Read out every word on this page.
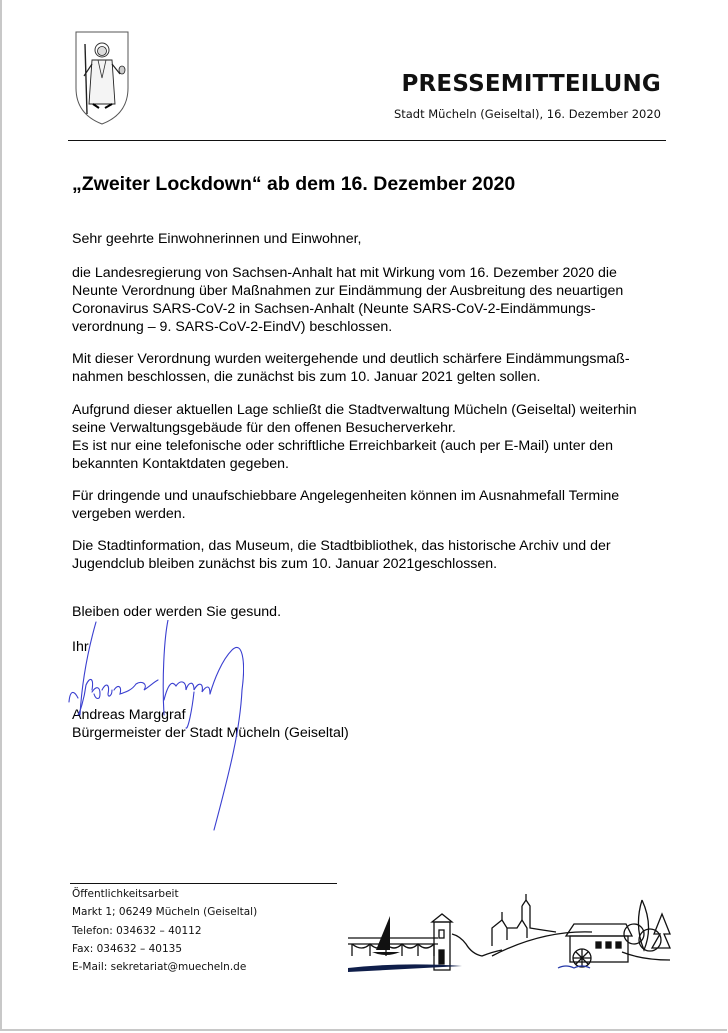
PRESSEMITTEILUNG
Stadt Mücheln (Geiseltal), 16. Dezember 2020
„Zweiter Lockdown“ ab dem 16. Dezember 2020

Sehr geehrte Einwohnerinnen und Einwohner,

die Landesregierung von Sachsen-Anhalt hat mit Wirkung vom 16. Dezember 2020 die

Neunte Verordnung über Maßnahmen zur Eindämmung der Ausbreitung des neuartigen

Coronavirus SARS-CoV-2 in Sachsen-Anhalt (Neunte SARS-CoV-2-Eindämmungs-

verordnung – 9. SARS-CoV-2-EindV) beschlossen.

Mit dieser Verordnung wurden weitergehende und deutlich schärfere Eindämmungsmaß-

nahmen beschlossen, die zunächst bis zum 10. Januar 2021 gelten sollen.

Aufgrund dieser aktuellen Lage schließt die Stadtverwaltung Mücheln (Geiseltal) weiterhin

seine Verwaltungsgebäude für den offenen Besucherverkehr.

Es ist nur eine telefonische oder schriftliche Erreichbarkeit (auch per E-Mail) unter den

bekannten Kontaktdaten gegeben.

Für dringende und unaufschiebbare Angelegenheiten können im Ausnahmefall Termine

vergeben werden.

Die Stadtinformation, das Museum, die Stadtbibliothek, das historische Archiv und der

Jugendclub bleiben zunächst bis zum 10. Januar 2021geschlossen.

Bleiben oder werden Sie gesund.

Ihr

Andreas Marggraf

Bürgermeister der Stadt Mücheln (Geiseltal)

Öffentlichkeitsarbeit
Markt 1; 06249 Mücheln (Geiseltal)
Telefon: 034632 – 40112
Fax: 034632 – 40135
E-Mail: sekretariat@muecheln.de
